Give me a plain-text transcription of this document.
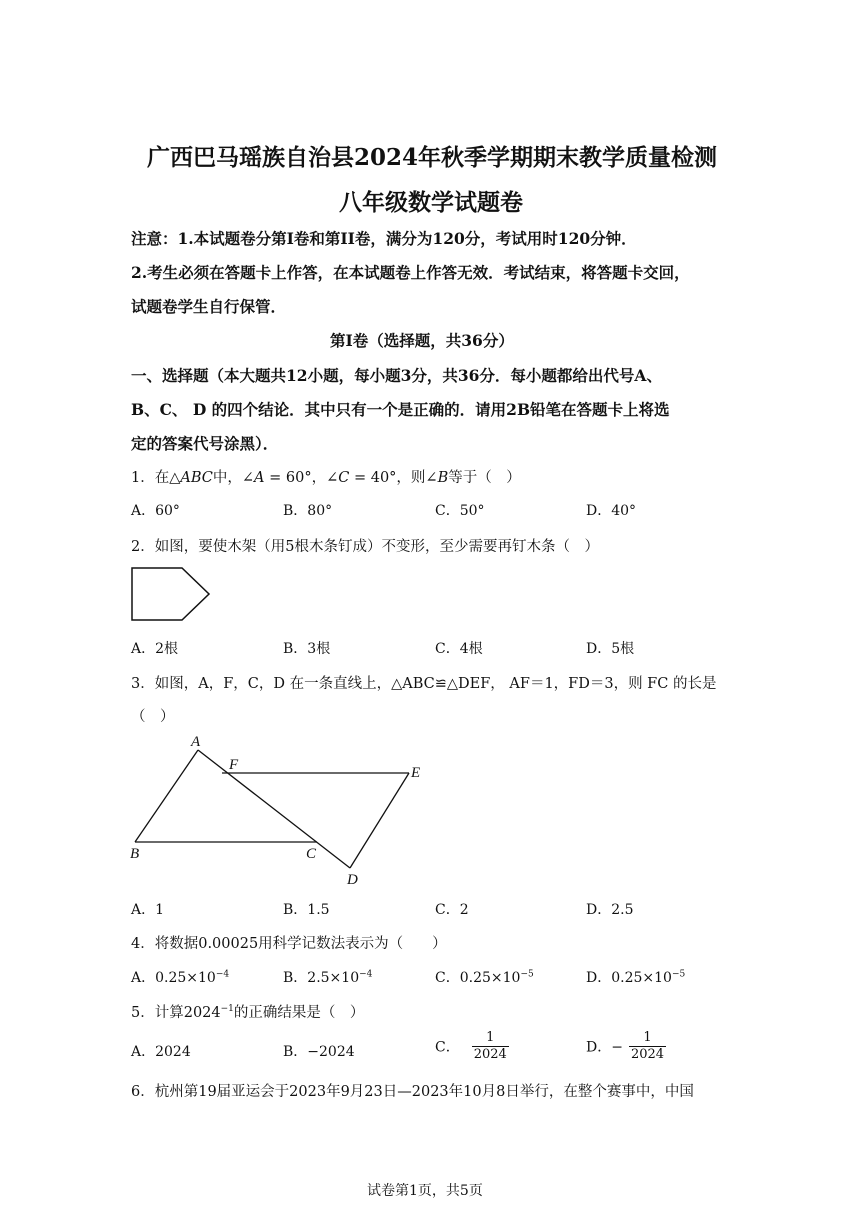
广西巴马瑶族自治县2024年秋季学期期末教学质量检测
八年级数学试题卷
注意：1.本试题卷分第I卷和第II卷，满分为120分，考试用时120分钟．
2.考生必须在答题卡上作答，在本试题卷上作答无效．考试结束，将答题卡交回，
试题卷学生自行保管．
第I卷（选择题，共36分）
一、选择题（本大题共12小题，每小题3分，共36分．每小题都给出代号A、
B、C、 D 的四个结论．其中只有一个是正确的．请用2B铅笔在答题卡上将选
定的答案代号涂黑）．
1．在△ABC中，∠A = 60°，∠C = 40°，则∠B等于（　）
A．60°	B．80°	C．50°	D．40°
2．如图，要使木架（用5根木条钉成）不变形，至少需要再钉木条（　）
A．2根	B．3根	C．4根	D．5根
3．如图，A，F，C，D 在一条直线上，△ABC≌△DEF， AF＝1，FD＝3，则 FC 的长是
（　）
A
F	E
B	C
D
A．1	B．1.5	C．2	D．2.5
4．将数据0.00025用科学记数法表示为（　　）
A．$0.25\times 10^{-4}$	B．$2.5\times 10^{-4}$	C．$0.25\times 10^{-5}$	D．$0.25\times 10^{-5}$
5．计算$2024^{-1}$的正确结果是（　）
A．2024	B．−2024	C． $\frac{1}{2024}$	D．− $\frac{1}{2024}$
6．杭州第19届亚运会于2023年9月23日—2023年10月8日举行，在整个赛事中，中国
试卷第1页，共5页
